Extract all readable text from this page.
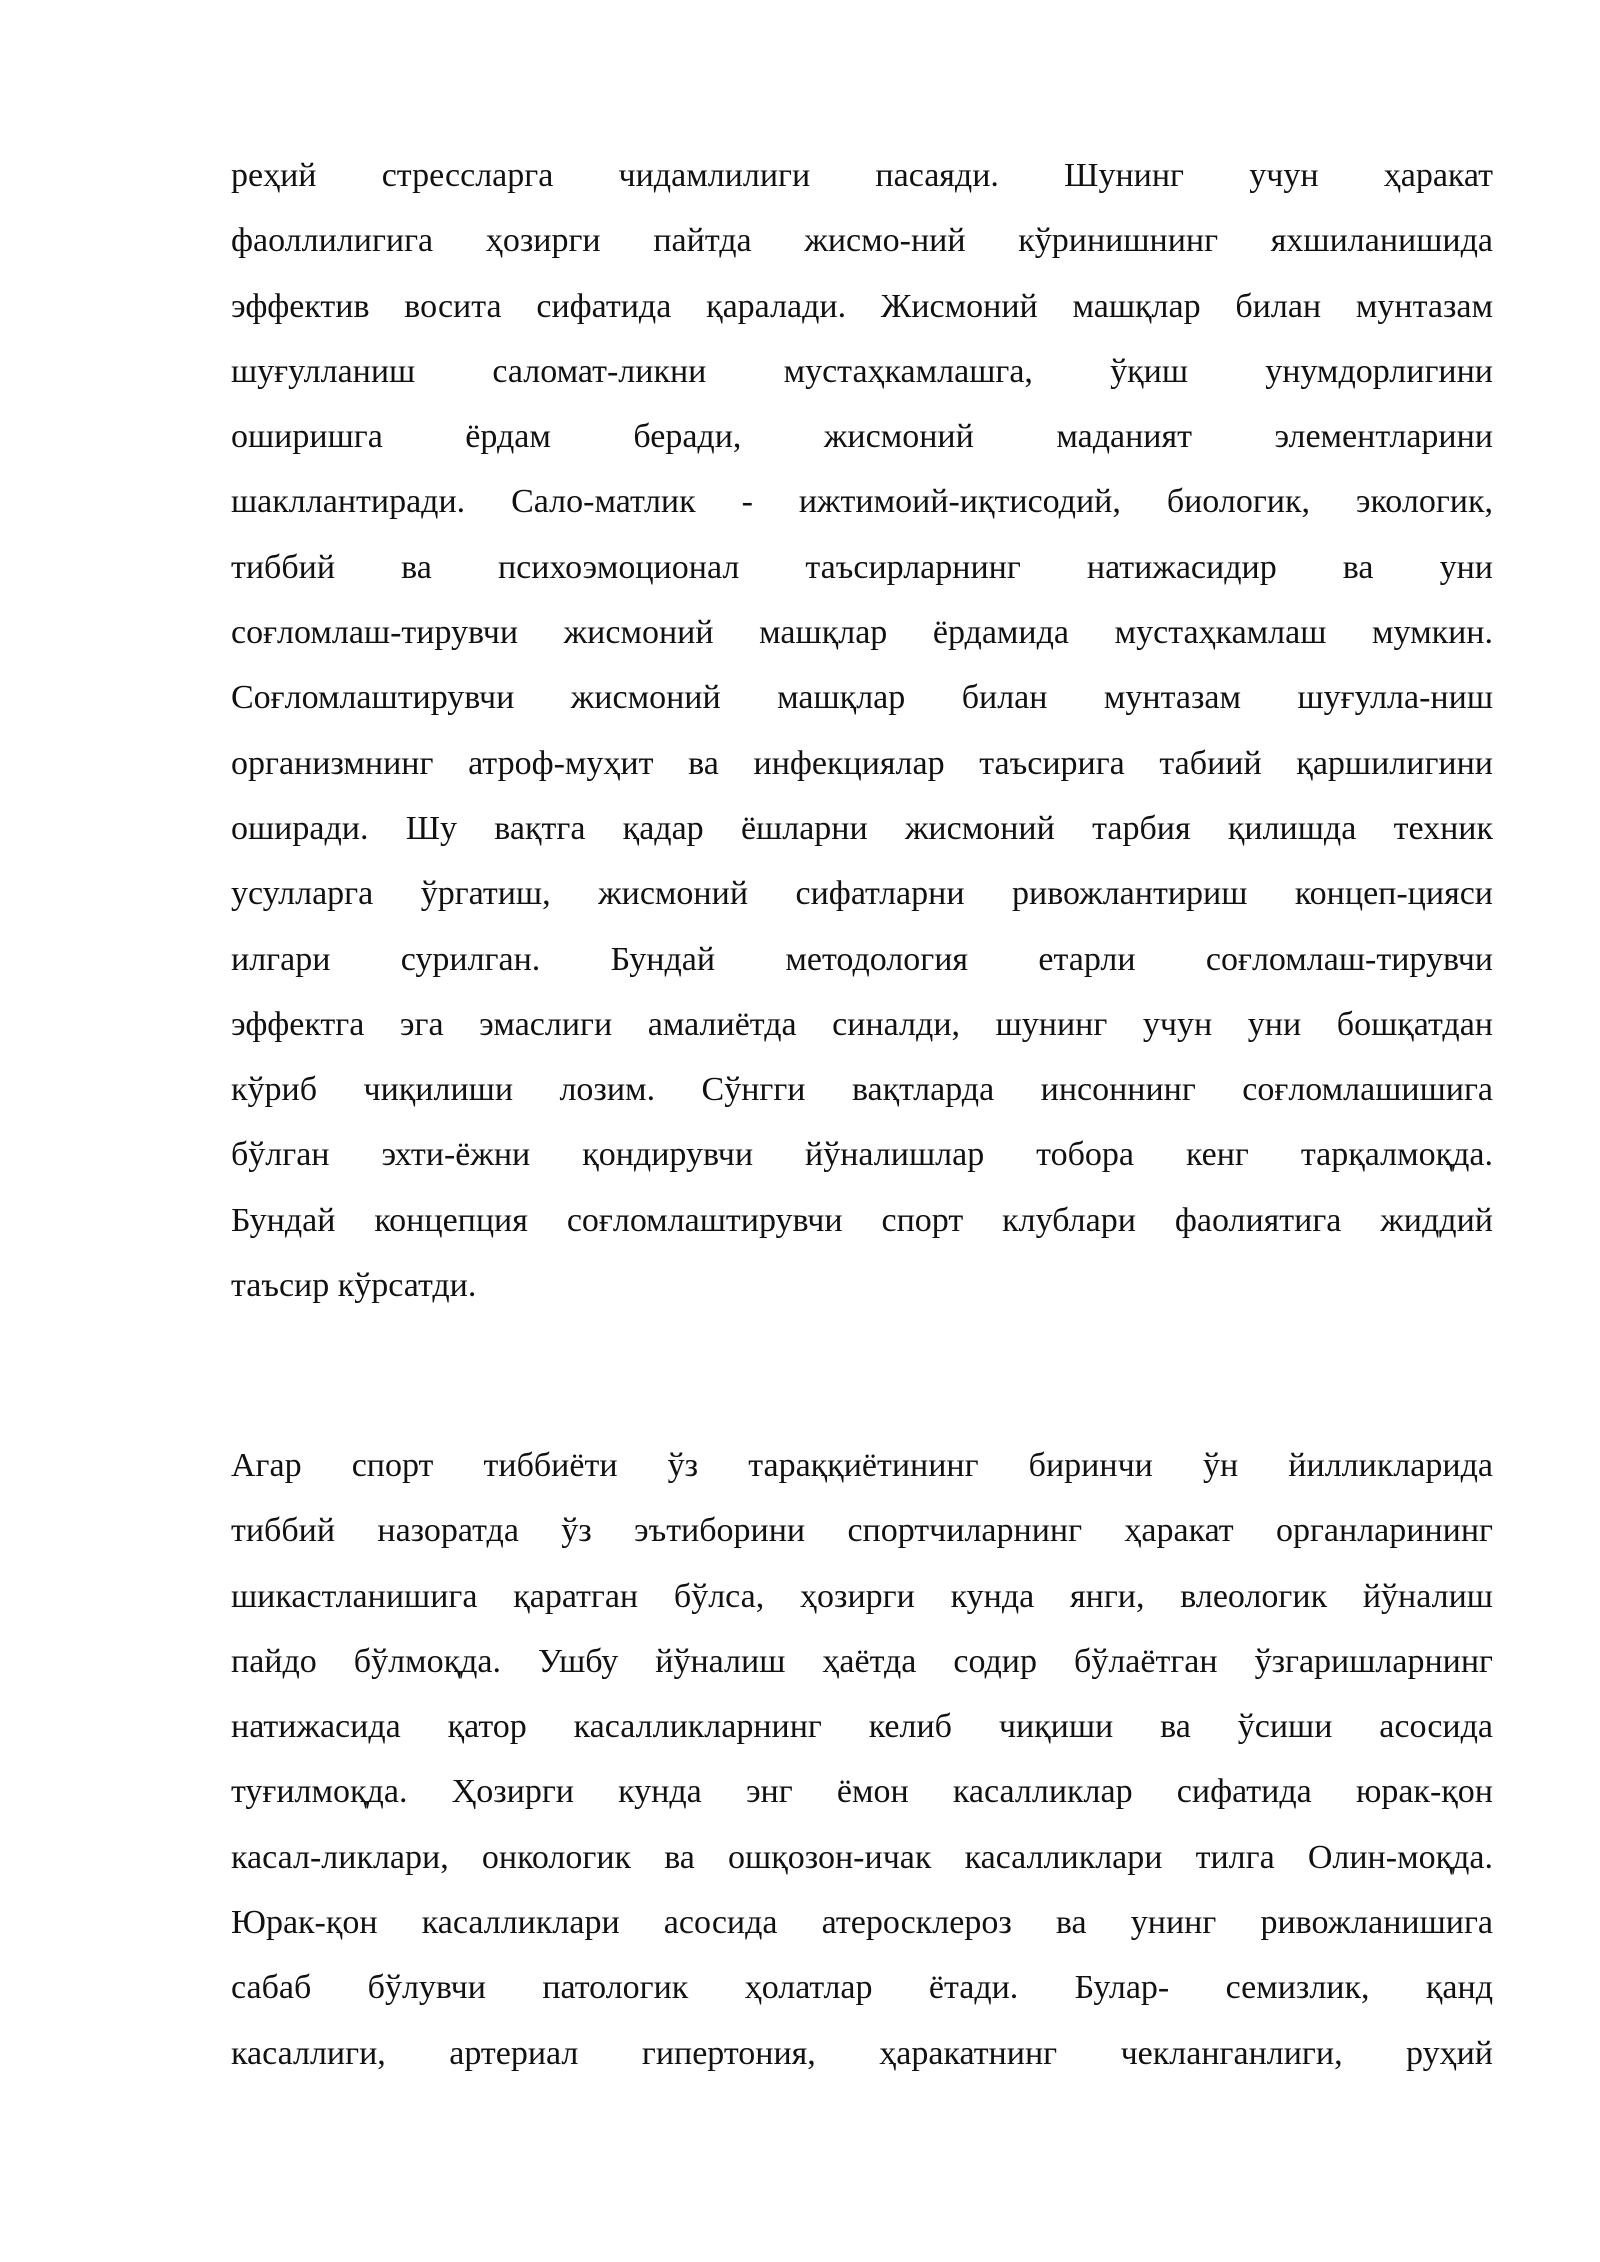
реҳий стрессларга чидамлилиги пасаяди. Шунинг учун ҳаракат
фаоллилигига ҳозирги пайтда жисмо-ний кўринишнинг яхшиланишида
эффектив восита сифатида қаралади. Жисмоний машқлар билан мунтазам
шуғулланиш саломат-ликни мустаҳкамлашга, ўқиш унумдорлигини
оширишга ёрдам беради, жисмоний маданият элементларини
шакллантиради. Сало-матлик - ижтимоий-иқтисодий, биологик, экологик,
тиббий ва психоэмоционал таъсирларнинг натижасидир ва уни
соғломлаш-тирувчи жисмоний машқлар ёрдамида мустаҳкамлаш мумкин.
Соғломлаштирувчи жисмоний машқлар билан мунтазам шуғулла-ниш
организмнинг атроф-муҳит ва инфекциялар таъсирига табиий қаршилигини
оширади. Шу вақтга қадар ёшларни жисмоний тарбия қилишда техник
усулларга ўргатиш, жисмоний сифатларни ривожлантириш концеп-цияси
илгари сурилган. Бундай методология етарли соғломлаш-тирувчи
эффектга эга эмаслиги амалиётда синалди, шунинг учун уни бошқатдан
кўриб чиқилиши лозим. Сўнгги вақтларда инсоннинг соғломлашишига
бўлган эхти-ёжни қондирувчи йўналишлар тобора кенг тарқалмоқда.
Бундай концепция соғломлаштирувчи спорт клублари фаолиятига жиддий
таъсир кўрсатди.
Агар спорт тиббиёти ўз тараққиётининг биринчи ўн йилликларида
тиббий назоратда ўз эътиборини спортчиларнинг ҳаракат органларининг
шикастланишига қаратган бўлса, ҳозирги кунда янги, влеологик йўналиш
пайдо бўлмоқда. Ушбу йўналиш ҳаётда содир бўлаётган ўзгаришларнинг
натижасида қатор касалликларнинг келиб чиқиши ва ўсиши асосида
туғилмоқда. Ҳозирги кунда энг ёмон касалликлар сифатида юрак-қон
касал-ликлари, онкологик ва ошқозон-ичак касалликлари тилга Олин-моқда.
Юрак-қон касалликлари асосида атеросклероз ва унинг ривожланишига
сабаб бўлувчи патологик ҳолатлар ётади. Булар- семизлик, қанд
касаллиги, артериал гипертония, ҳаракатнинг чекланганлиги, руҳий
